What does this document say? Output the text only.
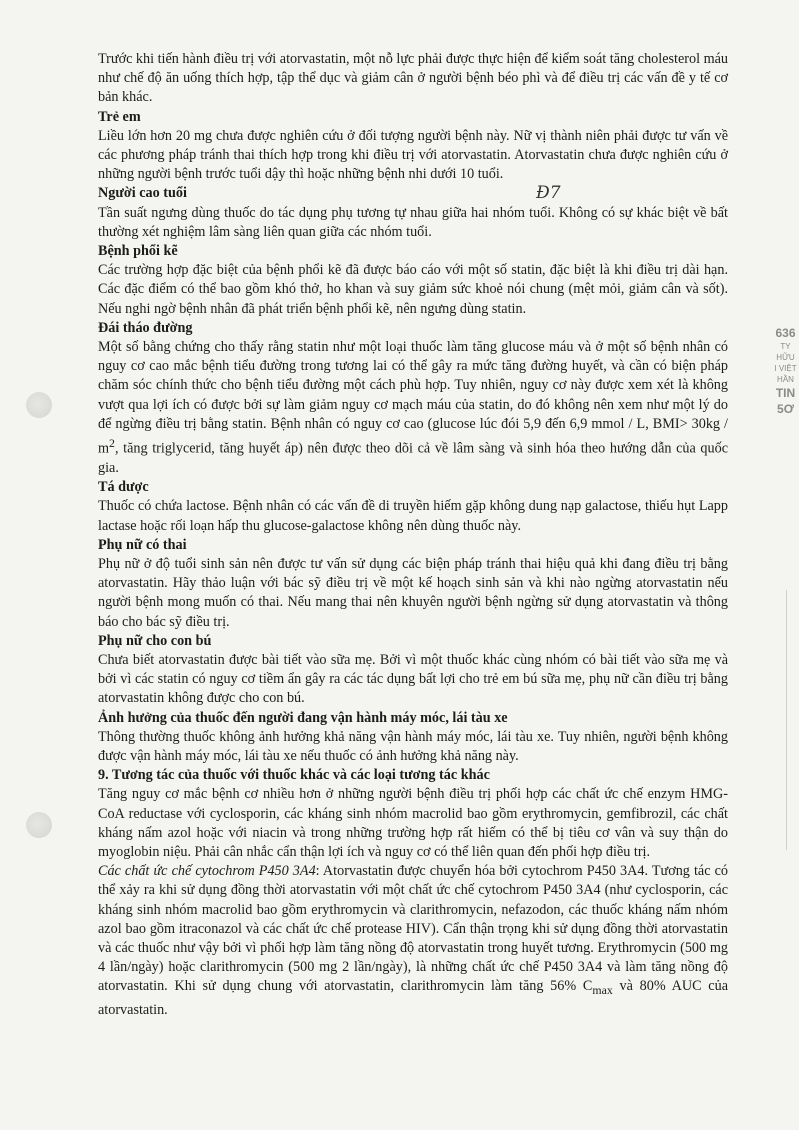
636
TY
HỮU
I VIỆT
HẦN
TIN
5Ơ
Đ7

Trước khi tiến hành điều trị với atorvastatin, một nỗ lực phải được thực hiện để kiểm soát tăng cholesterol máu như chế độ ăn uống thích hợp, tập thể dục và giảm cân ở người bệnh béo phì và để điều trị các vấn đề y tế cơ bản khác.

Trẻ em

Liều lớn hơn 20 mg chưa được nghiên cứu ở đối tượng người bệnh này. Nữ vị thành niên phải được tư vấn về các phương pháp tránh thai thích hợp trong khi điều trị với atorvastatin. Atorvastatin chưa được nghiên cứu ở những người bệnh trước tuổi dậy thì hoặc những bệnh nhi dưới 10 tuổi.

Người cao tuổi

Tần suất ngưng dùng thuốc do tác dụng phụ tương tự nhau giữa hai nhóm tuổi. Không có sự khác biệt về bất thường xét nghiệm lâm sàng liên quan giữa các nhóm tuổi.

Bệnh phổi kẽ

Các trường hợp đặc biệt của bệnh phổi kẽ đã được báo cáo với một số statin, đặc biệt là khi điều trị dài hạn. Các đặc điểm có thể bao gồm khó thở, ho khan và suy giảm sức khoẻ nói chung (mệt mỏi, giảm cân và sốt). Nếu nghi ngờ bệnh nhân đã phát triển bệnh phổi kẽ, nên ngưng dùng statin.

Đái tháo đường

Một số bằng chứng cho thấy rằng statin như một loại thuốc làm tăng glucose máu và ở một số bệnh nhân có nguy cơ cao mắc bệnh tiểu đường trong tương lai có thể gây ra mức tăng đường huyết, và cần có biện pháp chăm sóc chính thức cho bệnh tiểu đường một cách phù hợp. Tuy nhiên, nguy cơ này được xem xét là không vượt qua lợi ích có được bởi sự làm giảm nguy cơ mạch máu của statin, do đó không nên xem như một lý do để ngừng điều trị bằng statin. Bệnh nhân có nguy cơ cao (glucose lúc đói 5,9 đến 6,9 mmol / L, $BMI> 30kg / m^2$, tăng triglycerid, tăng huyết áp) nên được theo dõi cả về lâm sàng và sinh hóa theo hướng dẫn của quốc gia.

Tá dược

Thuốc có chứa lactose. Bệnh nhân có các vấn đề di truyền hiếm gặp không dung nạp galactose, thiếu hụt Lapp lactase hoặc rối loạn hấp thu glucose-galactose không nên dùng thuốc này.

Phụ nữ có thai

Phụ nữ ở độ tuổi sinh sản nên được tư vấn sử dụng các biện pháp tránh thai hiệu quả khi đang điều trị bằng atorvastatin. Hãy thảo luận với bác sỹ điều trị về một kế hoạch sinh sản và khi nào ngừng atorvastatin nếu người bệnh mong muốn có thai. Nếu mang thai nên khuyên người bệnh ngừng sử dụng atorvastatin và thông báo cho bác sỹ điều trị.

Phụ nữ cho con bú

Chưa biết atorvastatin được bài tiết vào sữa mẹ. Bởi vì một thuốc khác cùng nhóm có bài tiết vào sữa mẹ và bởi vì các statin có nguy cơ tiềm ẩn gây ra các tác dụng bất lợi cho trẻ em bú sữa mẹ, phụ nữ cần điều trị bằng atorvastatin không được cho con bú.

Ảnh hưởng của thuốc đến người đang vận hành máy móc, lái tàu xe

Thông thường thuốc không ảnh hưởng khả năng vận hành máy móc, lái tàu xe. Tuy nhiên, người bệnh không được vận hành máy móc, lái tàu xe nếu thuốc có ảnh hưởng khả năng này.

9. Tương tác của thuốc với thuốc khác và các loại tương tác khác

Tăng nguy cơ mắc bệnh cơ nhiều hơn ở những người bệnh điều trị phối hợp các chất ức chế enzym HMG-CoA reductase với cyclosporin, các kháng sinh nhóm macrolid bao gồm erythromycin, gemfibrozil, các chất kháng nấm azol hoặc với niacin và trong những trường hợp rất hiếm có thể bị tiêu cơ vân và suy thận do myoglobin niệu. Phải cân nhắc cẩn thận lợi ích và nguy cơ có thể liên quan đến phối hợp điều trị.

Các chất ức chế cytochrom P450 3A4: Atorvastatin được chuyển hóa bởi cytochrom P450 3A4. Tương tác có thể xảy ra khi sử dụng đồng thời atorvastatin với một chất ức chế cytochrom P450 3A4 (như cyclosporin, các kháng sinh nhóm macrolid bao gồm erythromycin và clarithromycin, nefazodon, các thuốc kháng nấm nhóm azol bao gồm itraconazol và các chất ức chế protease HIV). Cẩn thận trọng khi sử dụng đồng thời atorvastatin và các thuốc như vậy bởi vì phối hợp làm tăng nồng độ atorvastatin trong huyết tương. Erythromycin (500 mg 4 lần/ngày) hoặc clarithromycin (500 mg 2 lần/ngày), là những chất ức chế P450 3A4 và làm tăng nồng độ atorvastatin. Khi sử dụng chung với atorvastatin, clarithromycin làm tăng 56% $C_{max}$ và 80% AUC của atorvastatin.
